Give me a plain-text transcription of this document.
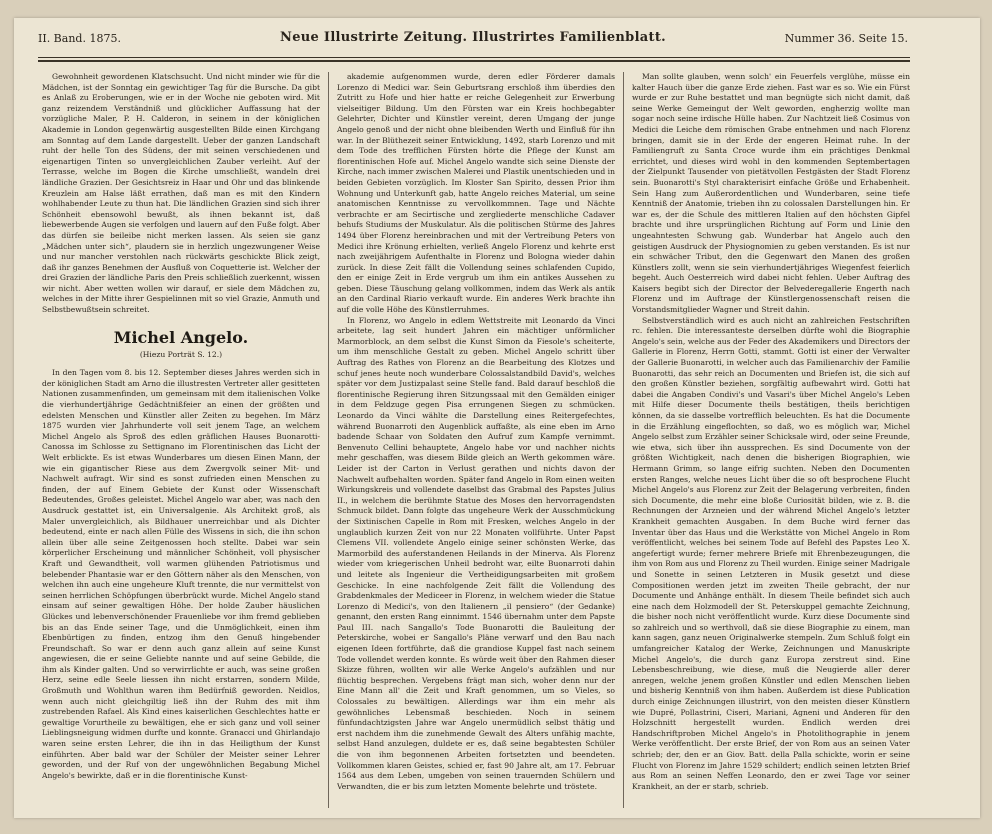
II. Band. 1875.	Neue Illustrirte Zeitung. Illustrirtes Familienblatt.	Nummer 36. Seite 15.

Gewohnheit gewordenen Klatschsucht. Und nicht minder wie für die Mädchen, ist der Sonntag ein gewichtiger Tag für die Bursche. Da gibt es Anlaß zu Eroberungen, wie er in der Woche nie geboten wird. Mit ganz reizendem Verständniß und glücklicher Auffassung hat der vorzügliche Maler, P. H. Calderon, in seinem in der königlichen Akademie in London gegenwärtig ausgestellten Bilde einen Kirchgang am Sonntag auf dem Lande dargestellt. Ueber der ganzen Landschaft ruht der helle Ton des Südens, der mit seinen verschiedenen und eigenartigen Tinten so unvergleichlichen Zauber verleiht. Auf der Terrasse, welche im Bogen die Kirche umschließt, wandeln drei ländliche Grazien. Der Gesichtsreiz in Haar und Ohr und das blinkende Kreuzlein am Halse läßt errathen, daß man es mit den Kindern wohlhabender Leute zu thun hat. Die ländlichen Grazien sind sich ihrer Schönheit ebensowohl bewußt, als ihnen bekannt ist, daß liebewerbende Augen sie verfolgen und lauern auf den Fuße folgt. Aber das dürfen sie beileibe nicht merken lassen. Als seien sie ganz „Mädchen unter sich“, plaudern sie in herzlich ungezwungener Weise und nur mancher verstohlen nach rückwärts geschickte Blick zeigt, daß ihr ganzes Benehmen der Ausfluß von Coquetterie ist. Welcher der drei Grazien der ländliche Paris den Preis schließlich zuerkennt, wissen wir nicht. Aber wetten wollen wir darauf, er siele dem Mädchen zu, welches in der Mitte ihrer Gespielinnen mit so viel Grazie, Anmuth und Selbstbewußtsein schreitet.

Michel Angelo.
(Hiezu Porträt S. 12.)

In den Tagen vom 8. bis 12. September dieses Jahres werden sich in der königlichen Stadt am Arno die illustresten Vertreter aller gesitteten Nationen zusammenfinden, um gemeinsam mit dem italienischen Volke die vierhundertjährige Gedächtnißfeier an einen der größten und edelsten Menschen und Künstler aller Zeiten zu begehen. Im März 1875 wurden vier Jahrhunderte voll seit jenem Tage, an welchem Michel Angelo als Sproß des edlen gräflichen Hauses Buonarotti-Canossa im Schlosse zu Settignano im Florentinischen das Licht der Welt erblickte. Es ist etwas Wunderbares um diesen Einen Mann, der wie ein gigantischer Riese aus dem Zwergvolk seiner Mit- und Nachwelt aufragt. Wir sind es sonst zufrieden einen Menschen zu finden, der auf Einem Gebiete der Kunst oder Wissenschaft Bedeutendes, Großes geleistet. Michel Angelo war aber, was nach den Ausdruck gestattet ist, ein Universalgenie. Als Architekt groß, als Maler unvergleichlich, als Bildhauer unerreichbar und als Dichter bedeutend, einte er nach allen Fülle des Wissens in sich, die ihn schon allein über alle seine Zeitgenossen hoch stellte. Dabei war sein körperlicher Erscheinung und männlicher Schönheit, voll physischer Kraft und Gewandtheit, voll warmen glühenden Patriotismus und belebender Phantasie war er den Göttern näher als den Menschen, von welchen ihn auch eine ungeheure Kluft trennte, die nur vermittelst von seinen herrlichen Schöpfungen überbrückt wurde. Michel Angelo stand einsam auf seiner gewaltigen Höhe. Der holde Zauber häuslichen Glückes und lebenverschönender Frauenliebe vor ihm fremd geblieben bis an das Ende seiner Tage, und die Unmöglichkeit, einen ihm Ebenbürtigen zu finden, entzog ihm den Genuß hingebender Freundschaft. So war er denn auch ganz allein auf seine Kunst angewiesen, die er seine Geliebte nannte und auf seine Gebilde, die ihm als Kinder galten. Und so verwirrlichte er auch, was seine großen Herz, seine edle Seele liessen ihn nicht erstarren, sondern Milde, Großmuth und Wohlthun waren ihm Bedürfniß geworden. Neidlos, wenn auch nicht gleichgiltig ließ ihn der Ruhm des mit ihm zustrebenden Rafael. Als Kind eines kaiserlichen Geschlechtes hatte er gewaltige Vorurtheile zu bewältigen, ehe er sich ganz und voll seiner Lieblingsneigung widmen durfte und konnte. Granacci und Ghirlandajo waren seine ersten Lehrer, die ihn in das Heiligthum der Kunst einführten. Aber bald war der Schüler der Meister seiner Lehrer geworden, und der Ruf von der ungewöhnlichen Begabung Michel Angelo's bewirkte, daß er in die florentinische Kunst-

akademie aufgenommen wurde, deren edler Förderer damals Lorenzo di Medici war. Sein Geburtsrang erschloß ihm überdies den Zutritt zu Hofe und hier hatte er reiche Gelegenheit zur Erwerbung vielseitiger Bildung. Um den Fürsten war ein Kreis hochbegabter Gelehrter, Dichter und Künstler vereint, deren Umgang der junge Angelo genoß und der nicht ohne bleibenden Werth und Einfluß für ihn war. In der Blüthezeit seiner Entwicklung, 1492, starb Lorenzo und mit dem Tode des trefflichen Fürsten hörte die Pflege der Kunst am florentinischen Hofe auf. Michel Angelo wandte sich seine Dienste der Kirche, nach immer zwischen Malerei und Plastik unentschieden und in beiden Gebieten vorzüglich. Im Kloster San Spirito, dessen Prior ihm Wohnung und Unterkunft gab, hatte Angelo reiches Material, um seine anatomischen Kenntnisse zu vervollkommnen. Tage und Nächte verbrachte er am Secirtische und zergliederte menschliche Cadaver behufs Studiums der Muskulatur. Als die politischen Stürme des Jahres 1494 über Florenz hereinbrachen und mit der Vertreibung Peters von Medici ihre Krönung erhielten, verließ Angelo Florenz und kehrte erst nach zweijährigem Aufenthalte in Florenz und Bologna wieder dahin zurück. In diese Zeit fällt die Vollendung seines schlafenden Cupido, den er einige Zeit in Erde vergrub um ihm ein antikes Aussehen zu geben. Diese Täuschung gelang vollkommen, indem das Werk als antik an den Cardinal Riario verkauft wurde. Ein anderes Werk brachte ihn auf die volle Höhe des Künstlerruhmes.

In Florenz, wo Angelo in edlem Wettstreite mit Leonardo da Vinci arbeitete, lag seit hundert Jahren ein mächtiger unförmlicher Marmorblock, an dem selbst die Kunst Simon da Fiesole's scheiterte, um ihm menschliche Gestalt zu geben. Michel Angelo schritt über Auftrag des Rathes von Florenz an die Bearbeitung des Klotzes und schuf jenes heute noch wunderbare Colossalstandbild David's, welches später vor dem Justizpalast seine Stelle fand. Bald darauf beschloß die florentinische Regierung ihren Sitzungssaal mit den Gemälden einiger in dem Feldzuge gegen Pisa errungenen Siegen zu schmücken. Leonardo da Vinci wählte die Darstellung eines Reitergefechtes, während Buonarroti den Augenblick auffaßte, als eine eben im Arno badende Schaar von Soldaten den Aufruf zum Kampfe vernimmt. Benvenuto Cellini behauptete, Angelo habe vor und nachher nichts mehr geschaffen, was diesem Bilde gleich an Werth gekommen wäre. Leider ist der Carton in Verlust gerathen und nichts davon der Nachwelt aufbehalten worden. Später fand Angelo in Rom einen weiten Wirkungskreis und vollendete daselbst das Grabmal des Papstes Julius II., in welchem die berühmte Statue des Moses den hervorragendsten Schmuck bildet. Dann folgte das ungeheure Werk der Ausschmückung der Sixtinischen Capelle in Rom mit Fresken, welches Angelo in der unglaublich kurzen Zeit von nur 22 Monaten vollführte. Unter Papst Clemens VII. vollendete Angelo einige seiner schönsten Werke, das Marmorbild des auferstandenen Heilands in der Minerva. Als Florenz wieder vom kriegerischen Unheil bedroht war, eilte Buonarroti dahin und leitete als Ingenieur die Vertheidigungsarbeiten mit großem Geschicke. In eine nachfolgende Zeit fällt die Vollendung des Grabdenkmales der Mediceer in Florenz, in welchem wieder die Statue Lorenzo di Medici's, von den Italienern „il pensiero“ (der Gedanke) genannt, den ersten Rang einnimmt. 1546 übernahm unter dem Papste Paul III. nach Sangallo's Tode Buonarotti die Bauleitung der Peterskirche, wobei er Sangallo's Pläne verwarf und den Bau nach eigenen Ideen fortführte, daß die grandiose Kuppel fast nach seinem Tode vollendet werden konnte. Es würde weit über den Rahmen dieser Skizze führen, wollten wir alle Werke Angelo's aufzählen und nur flüchtig besprechen. Vergebens frägt man sich, woher denn nur der Eine Mann all' die Zeit und Kraft genommen, um so Vieles, so Colossales zu bewältigen. Allerdings war ihm ein mehr als gewöhnliches Lebensmaß beschieden. Noch in seinem fünfundachtzigsten Jahre war Angelo unermüdlich selbst thätig und erst nachdem ihm die zunehmende Gewalt des Alters unfähig machte, selbst Hand anzulegen, duldete er es, daß seine begabtesten Schüler die von ihm begonnenen Arbeiten fortsetzten und beendeten. Vollkommen klaren Geistes, schied er, fast 90 Jahre alt, am 17. Februar 1564 aus dem Leben, umgeben von seinen trauernden Schülern und Verwandten, die er bis zum letzten Momente belehrte und tröstete.

Man sollte glauben, wenn solch' ein Feuerfels verglühe, müsse ein kalter Hauch über die ganze Erde ziehen. Fast war es so. Wie ein Fürst wurde er zur Ruhe bestattet und man begnügte sich nicht damit, daß seine Werke Gemeingut der Welt geworden, engherzig wollte man sogar noch seine irdische Hülle haben. Zur Nachtzeit ließ Cosimus von Medici die Leiche dem römischen Grabe entnehmen und nach Florenz bringen, damit sie in der Erde der engeren Heimat ruhe. In der Familiengruft zu Santa Croce wurde ihm ein prächtiges Denkmal errichtet, und dieses wird wohl in den kommenden Septembertagen der Zielpunkt Tausender von pietätvollen Festgästen der Stadt Florenz sein. Buonarotti's Styl charakterisirt einfache Größe und Erhabenheit. Sein Hang zum Außerordentlichen und Wunderbaren, seine tiefe Kenntniß der Anatomie, trieben ihn zu colossalen Darstellungen hin. Er war es, der die Schule des mittleren Italien auf den höchsten Gipfel brachte und ihre ursprünglichen Richtung auf Form und Linie den ungeahntesten Schwung gab. Wunderbar hat Angelo auch den geistigen Ausdruck der Physiognomien zu geben verstanden. Es ist nur ein schwächer Tribut, den die Gegenwart den Manen des großen Künstlers zollt, wenn sie sein vierhundertjähriges Wiegenfest feierlich begeht. Auch Oesterreich wird dabei nicht fehlen. Ueber Auftrag des Kaisers begibt sich der Director der Belvederegallerie Engerth nach Florenz und im Auftrage der Künstlergenossenschaft reisen die Vorstandsmitglieder Wagner und Streit dahin.

Selbstverständlich wird es auch nicht an zahlreichen Festschriften rc. fehlen. Die interessanteste derselben dürfte wohl die Biographie Angelo's sein, welche aus der Feder des Akademikers und Directors der Gallerie in Florenz, Herrn Gotti, stammt. Gotti ist einer der Verwalter der Gallerie Buonarotti, in welcher auch das Familienarchiv der Familie Buonarotti, das sehr reich an Documenten und Briefen ist, die sich auf den großen Künstler beziehen, sorgfältig aufbewahrt wird. Gotti hat dabei die Angaben Condivi's und Vasari's über Michel Angelo's Leben mit Hilfe dieser Documente theils bestätigen, theils berichtigen können, da sie dasselbe vortrefflich beleuchten. Es hat die Documente in die Erzählung eingeflochten, so daß, wo es möglich war, Michel Angelo selbst zum Erzähler seiner Schicksale wird, oder seine Freunde, wie etwa, sich über ihn aussprechen. Es sind Documente von der größten Wichtigkeit, nach denen die bisherigen Biographien, wie Hermann Grimm, so lange eifrig suchten. Neben den Documenten ersten Ranges, welche neues Licht über die so oft besprochene Flucht Michel Angelo's aus Florenz zur Zeit der Belagerung verbreiten, finden sich Documente, die mehr eine bloße Curiosität bilden, wie z. B. die Rechnungen der Arzneien und der während Michel Angelo's letzter Krankheit gemachten Ausgaben. In dem Buche wird ferner das Inventar über das Haus und die Werkstätte von Michel Angelo in Rom veröffentlicht, welches bei seinem Tode auf Befehl des Papstes Leo X. angefertigt wurde; ferner mehrere Briefe mit Ehrenbezeugungen, die ihm von Rom aus und Florenz zu Theil wurden. Einige seiner Madrigale und Sonette in seinen Letzteren in Musik gesetzt und diese Compositionen werden jetzt im zweiten Theile gebracht, der nur Documente und Anhänge enthält. In diesem Theile befindet sich auch eine nach dem Holzmodell der St. Peterskuppel gemachte Zeichnung, die bisher noch nicht veröffentlicht wurde. Kurz diese Documente sind so zahlreich und so werthvoll, daß sie diese Biographie zu einem, man kann sagen, ganz neuen Originalwerke stempeln. Zum Schluß folgt ein umfangreicher Katalog der Werke, Zeichnungen und Manuskripte Michel Angelo's, die durch ganz Europa zerstreut sind. Eine Lebensbeschreibung, wie diese, muß die Neugierde aller derer anregen, welche jenem großen Künstler und edlen Menschen lieben und bisherig Kenntniß von ihm haben. Außerdem ist diese Publication durch einige Zeichnungen illustrirt, von den meisten dieser Künstlern wie Dupré, Pollastrini, Ciseri, Mariani, Agneni und Anderen für den Holzschnitt hergestellt wurden. Endlich werden drei Handschriftproben Michel Angelo's in Photolithographie in jenem Werke veröffentlicht. Der erste Brief, der von Rom aus an seinen Vater schrieb; der, den er an Giov. Batt. della Palla schickte, worin er seine Flucht von Florenz im Jahre 1529 schildert; endlich seinen letzten Brief aus Rom an seinen Neffen Leonardo, den er zwei Tage vor seiner Krankheit, an der er starb, schrieb.
